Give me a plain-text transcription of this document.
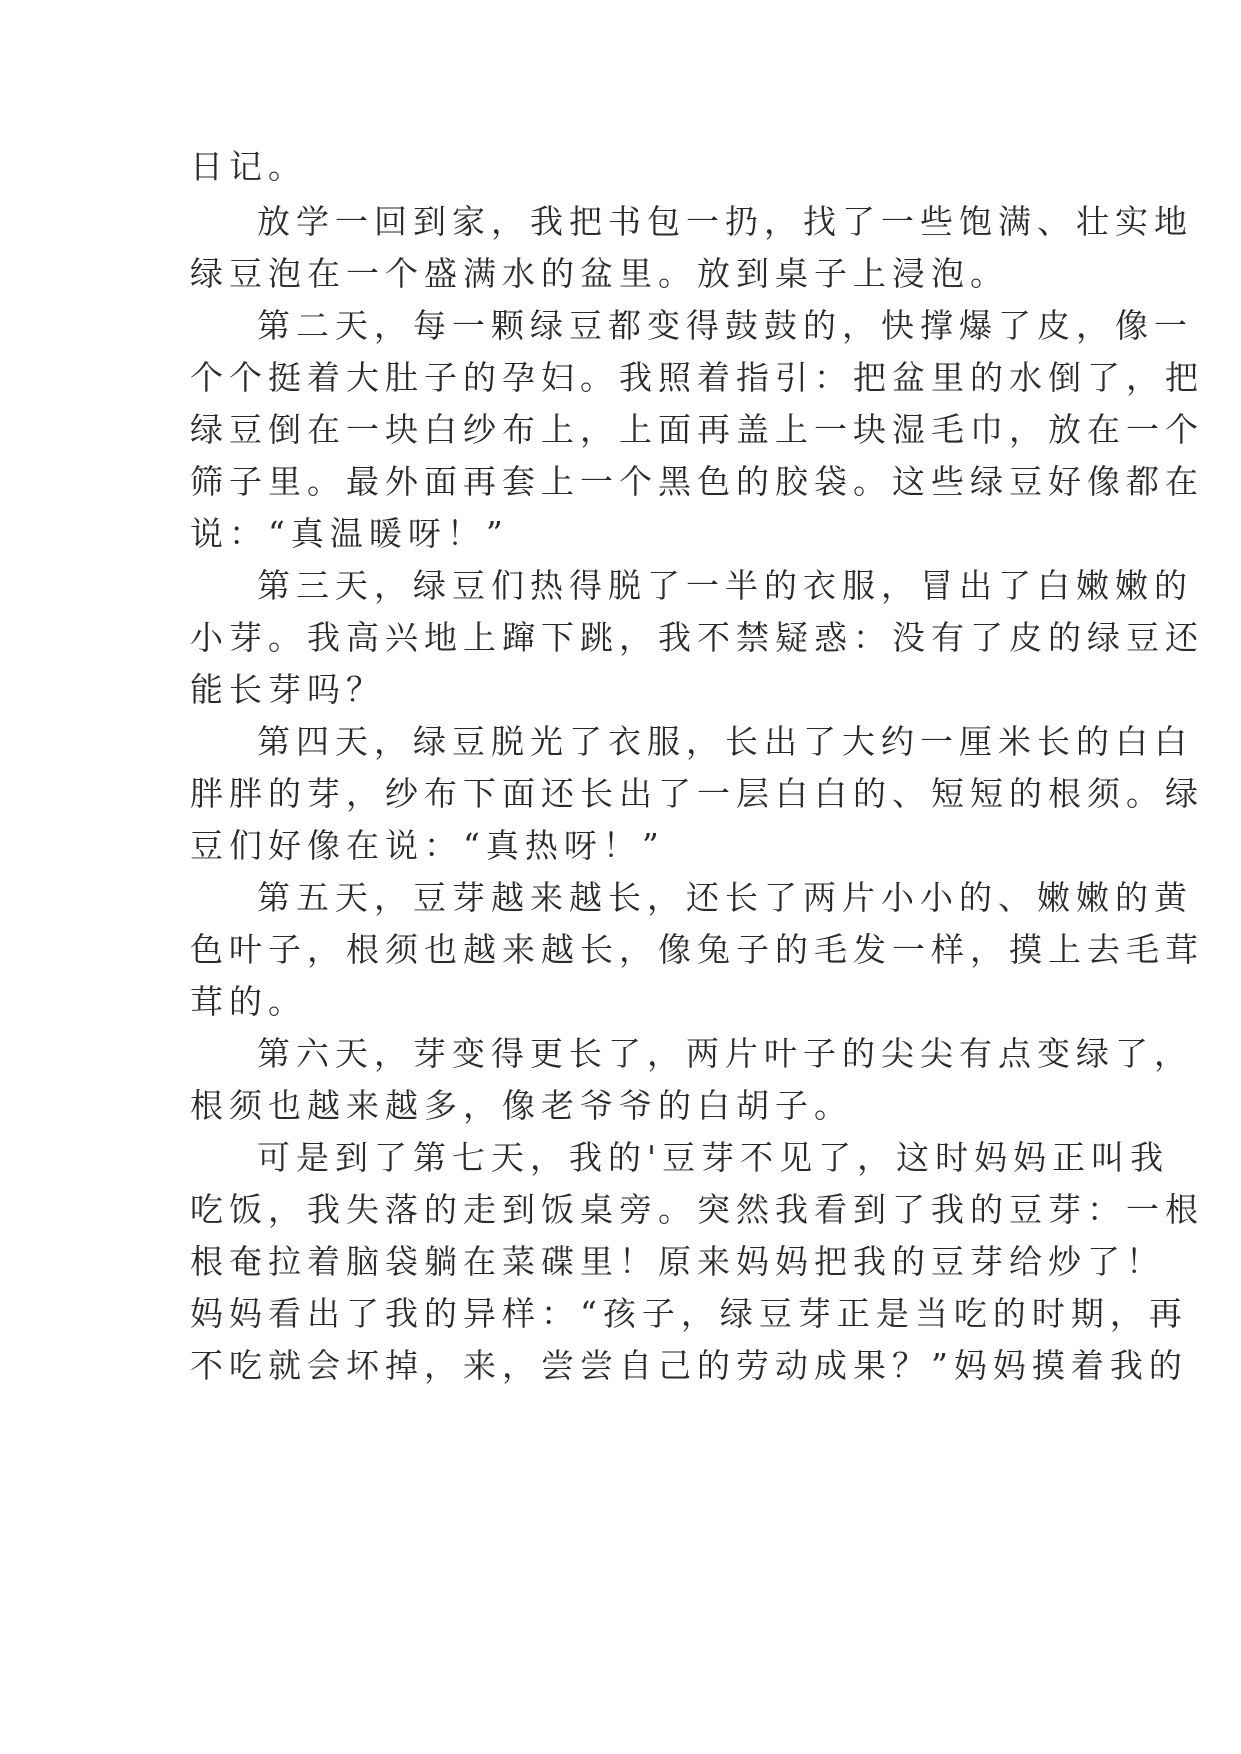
日记。
放学一回到家，我把书包一扔，找了一些饱满、壮实地
绿豆泡在一个盛满水的盆里。放到桌子上浸泡。
第二天，每一颗绿豆都变得鼓鼓的，快撑爆了皮，像一
个个挺着大肚子的孕妇。我照着指引：把盆里的水倒了，把
绿豆倒在一块白纱布上，上面再盖上一块湿毛巾，放在一个
筛子里。最外面再套上一个黑色的胶袋。这些绿豆好像都在
说：“真温暖呀！”
第三天，绿豆们热得脱了一半的衣服，冒出了白嫩嫩的
小芽。我高兴地上蹿下跳，我不禁疑惑：没有了皮的绿豆还
能长芽吗？
第四天，绿豆脱光了衣服，长出了大约一厘米长的白白
胖胖的芽，纱布下面还长出了一层白白的、短短的根须。绿
豆们好像在说：“真热呀！”
第五天，豆芽越来越长，还长了两片小小的、嫩嫩的黄
色叶子，根须也越来越长，像兔子的毛发一样，摸上去毛茸
茸的。
第六天，芽变得更长了，两片叶子的尖尖有点变绿了，
根须也越来越多，像老爷爷的白胡子。
可是到了第七天，我的'豆芽不见了，这时妈妈正叫我
吃饭，我失落的走到饭桌旁。突然我看到了我的豆芽：一根
根奄拉着脑袋躺在菜碟里！原来妈妈把我的豆芽给炒了！
妈妈看出了我的异样：“孩子，绿豆芽正是当吃的时期，再
不吃就会坏掉，来，尝尝自己的劳动成果？”妈妈摸着我的
